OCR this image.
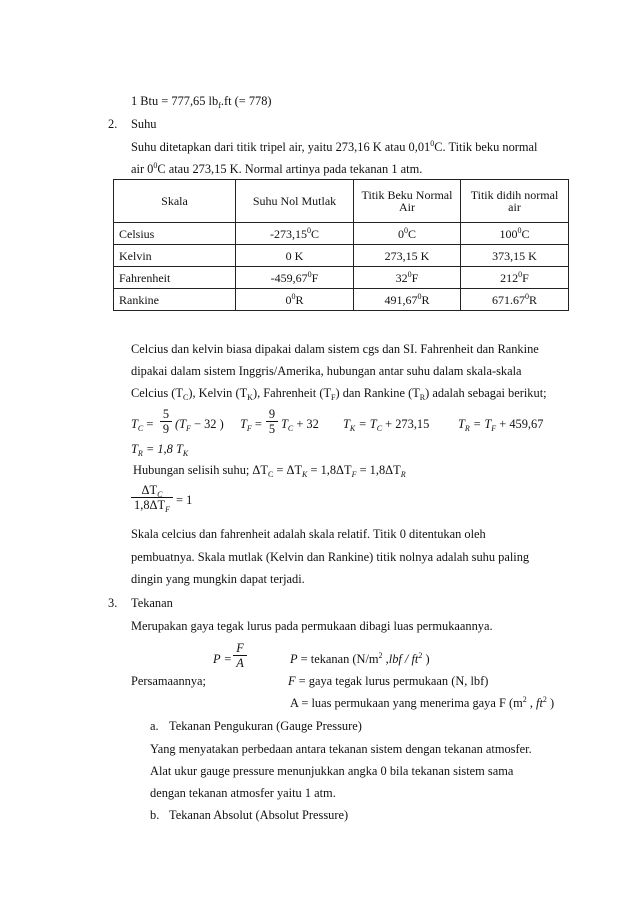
1 Btu = 777,65 $lb_f.ft$ (= 778)
2. Suhu
Suhu ditetapkan dari titik tripel air, yaitu 273,16 K atau 0,01$^0$C. Titik beku normal
air $0^0C$ atau 273,15 K. Normal artinya pada tekanan 1 atm.
Skala	Suhu Nol Mutlak	Titik Beku Normal Air	Titik didih normal air
Celsius	-273,15$^0$C	$0^0C$	$100^0C$
Kelvin	0 K	273,15 K	373,15 K
Fahrenheit	-459,67$^0$F	$32^0F$	$212^0F$
Rankine	$0^0R$	491,67$^0$R	671.67$^0$R
Celcius dan kelvin biasa dipakai dalam sistem cgs dan SI. Fahrenheit dan Rankine
dipakai dalam sistem Inggris/Amerika, hubungan antar suhu dalam skala-skala
Celcius $(T_C)$, Kelvin $(T_K)$, Fahrenheit $(T_F)$ dan Rankine $(T_R)$ adalah sebagai berikut;
$T_C$ =
5
9 ($T_F - 32$ ) $T_F$ =
9
5 $T_C + 32$ $T_K = T_C + 273,15$ $T_R = T_F + 459,67$
$T_R = 1,8$ $T_K$
Hubungan selisih suhu; $\Delta T_C = \Delta T_K = 1,8\Delta T_F = 1,8\Delta T_R$
$\Delta T_C$
$1,8\Delta T_F$
= 1
Skala celcius dan fahrenheit adalah skala relatif. Titik 0 ditentukan oleh
pembuatnya. Skala mutlak (Kelvin dan Rankine) titik nolnya adalah suhu paling
dingin yang mungkin dapat terjadi.
3. Tekanan
Merupakan gaya tegak lurus pada permukaan dibagi luas permukaannya.
P =
F
A	P = tekanan ($N/m^2$ ,lbf / $ft^2$ )
Persamaannya;	F = gaya tegak lurus permukaan (N, lbf)
A = luas permukaan yang menerima gaya F ($m^2$ , $ft^2$ )
a. Tekanan Pengukuran (Gauge Pressure)
Yang menyatakan perbedaan antara tekanan sistem dengan tekanan atmosfer.
Alat ukur gauge pressure menunjukkan angka 0 bila tekanan sistem sama
dengan tekanan atmosfer yaitu 1 atm.
b. Tekanan Absolut (Absolut Pressure)
